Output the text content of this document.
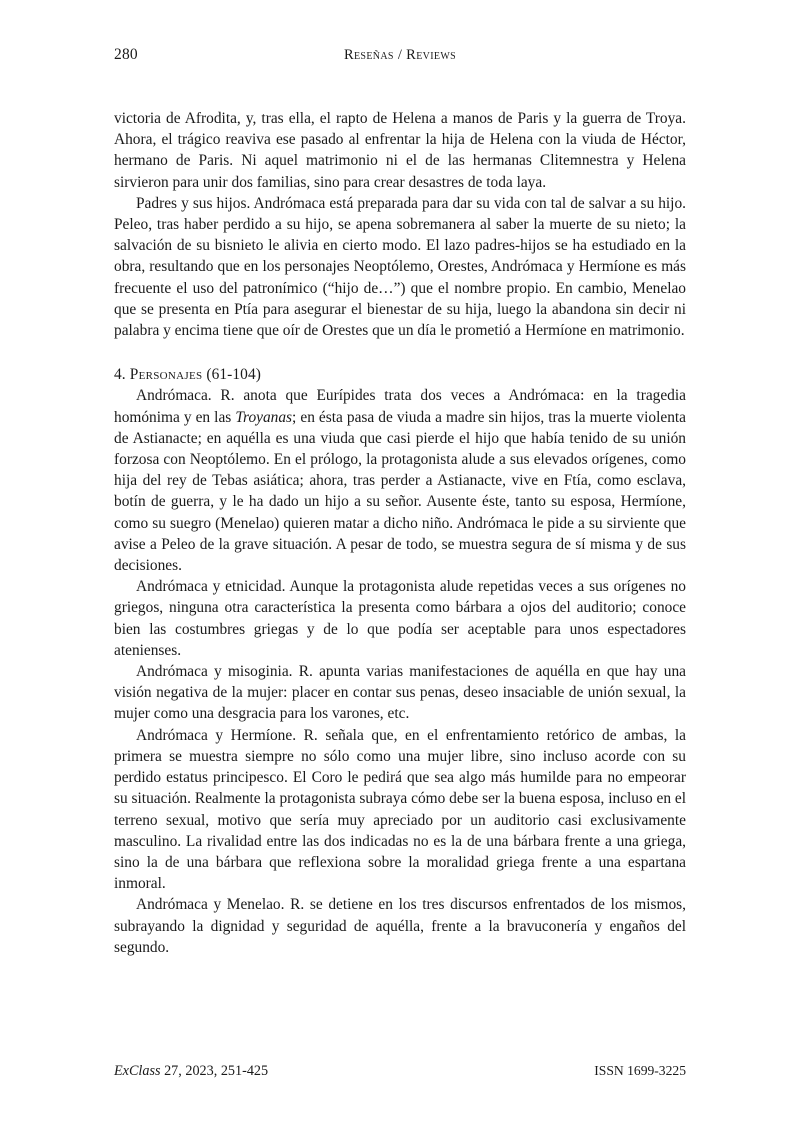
280	Reseñas / Reviews

victoria de Afrodita, y, tras ella, el rapto de Helena a manos de Paris y la guerra de Troya. Ahora, el trágico reaviva ese pasado al enfrentar la hija de Helena con la viuda de Héctor, hermano de Paris. Ni aquel matrimonio ni el de las hermanas Clitemnestra y Helena sirvieron para unir dos familias, sino para crear desastres de toda laya.

Padres y sus hijos. Andrómaca está preparada para dar su vida con tal de salvar a su hijo. Peleo, tras haber perdido a su hijo, se apena sobremanera al saber la muerte de su nieto; la salvación de su bisnieto le alivia en cierto modo. El lazo padres-hijos se ha estudiado en la obra, resultando que en los personajes Neoptólemo, Orestes, Andrómaca y Hermíone es más frecuente el uso del patronímico (“hijo de…”) que el nombre propio. En cambio, Menelao que se presenta en Ptía para asegurar el bienestar de su hija, luego la abandona sin decir ni palabra y encima tiene que oír de Orestes que un día le prometió a Hermíone en matrimonio.

4. Personajes (61-104)

Andrómaca. R. anota que Eurípides trata dos veces a Andrómaca: en la tragedia homónima y en las Troyanas; en ésta pasa de viuda a madre sin hijos, tras la muerte violenta de Astianacte; en aquélla es una viuda que casi pierde el hijo que había tenido de su unión forzosa con Neoptólemo. En el prólogo, la protagonista alude a sus elevados orígenes, como hija del rey de Tebas asiática; ahora, tras perder a Astianacte, vive en Ftía, como esclava, botín de guerra, y le ha dado un hijo a su señor. Ausente éste, tanto su esposa, Hermíone, como su suegro (Menelao) quieren matar a dicho niño. Andrómaca le pide a su sirviente que avise a Peleo de la grave situación. A pesar de todo, se muestra segura de sí misma y de sus decisiones.

Andrómaca y etnicidad. Aunque la protagonista alude repetidas veces a sus orígenes no griegos, ninguna otra característica la presenta como bárbara a ojos del auditorio; conoce bien las costumbres griegas y de lo que podía ser aceptable para unos espectadores atenienses.

Andrómaca y misoginia. R. apunta varias manifestaciones de aquélla en que hay una visión negativa de la mujer: placer en contar sus penas, deseo insaciable de unión sexual, la mujer como una desgracia para los varones, etc.

Andrómaca y Hermíone. R. señala que, en el enfrentamiento retórico de ambas, la primera se muestra siempre no sólo como una mujer libre, sino incluso acorde con su perdido estatus principesco. El Coro le pedirá que sea algo más humilde para no empeorar su situación. Realmente la protagonista subraya cómo debe ser la buena esposa, incluso en el terreno sexual, motivo que sería muy apreciado por un auditorio casi exclusivamente masculino. La rivalidad entre las dos indicadas no es la de una bárbara frente a una griega, sino la de una bárbara que reflexiona sobre la moralidad griega frente a una espartana inmoral.

Andrómaca y Menelao. R. se detiene en los tres discursos enfrentados de los mismos, subrayando la dignidad y seguridad de aquélla, frente a la bravuconería y engaños del segundo.

ExClass 27, 2023, 251-425	ISSN 1699-3225
